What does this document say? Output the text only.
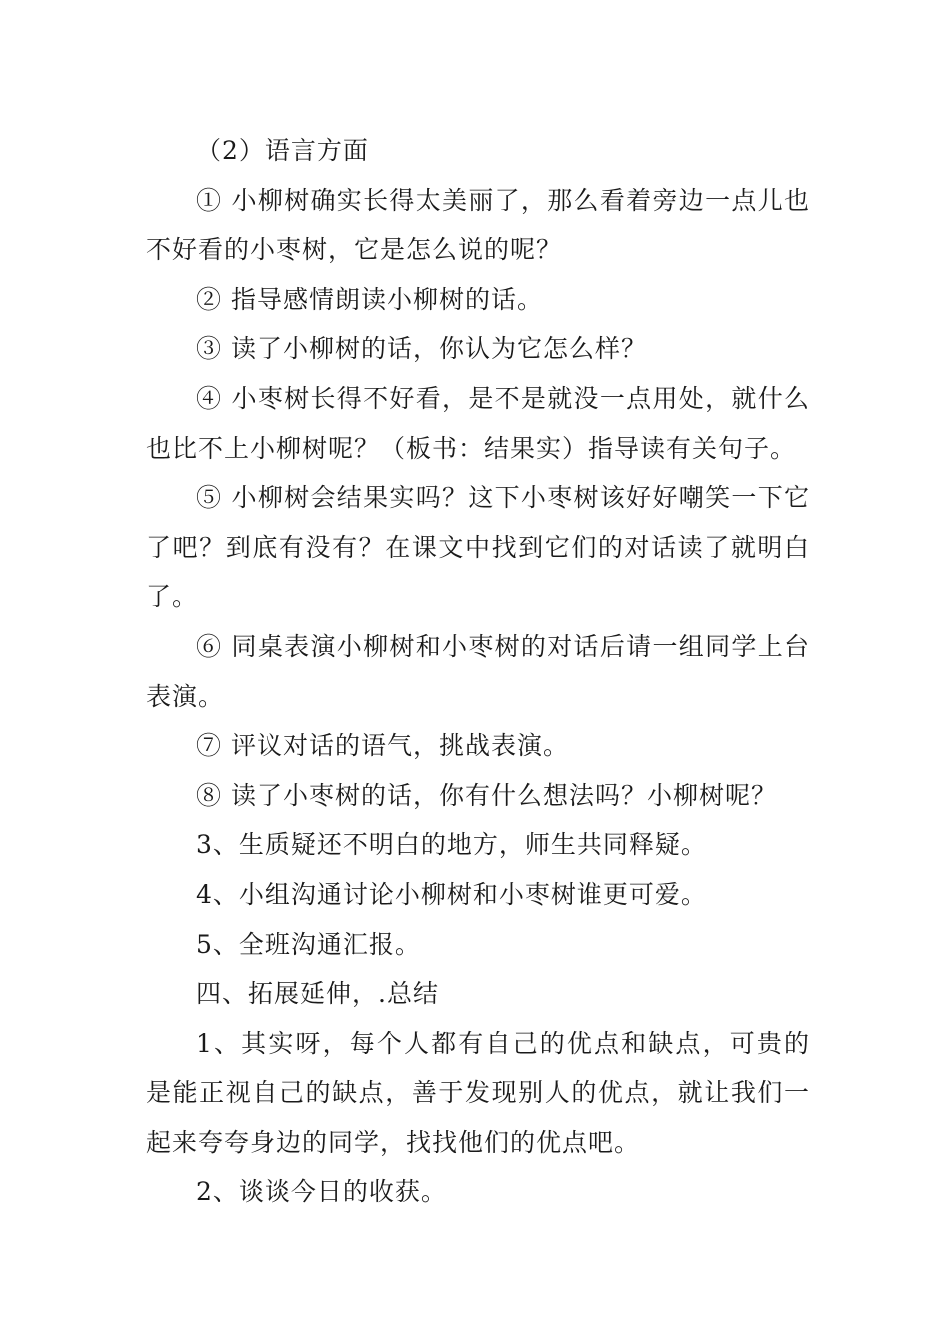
（2）语言方面

① 小柳树确实长得太美丽了，那么看着旁边一点儿也不好看的小枣树，它是怎么说的呢？

② 指导感情朗读小柳树的话。

③ 读了小柳树的话，你认为它怎么样？

④ 小枣树长得不好看，是不是就没一点用处，就什么也比不上小柳树呢？（板书：结果实）指导读有关句子。

⑤ 小柳树会结果实吗？这下小枣树该好好嘲笑一下它了吧？到底有没有？在课文中找到它们的对话读了就明白了。

⑥ 同桌表演小柳树和小枣树的对话后请一组同学上台表演。

⑦ 评议对话的语气，挑战表演。

⑧ 读了小枣树的话，你有什么想法吗？小柳树呢？

3、生质疑还不明白的地方，师生共同释疑。

4、小组沟通讨论小柳树和小枣树谁更可爱。

5、全班沟通汇报。

四、拓展延伸，.总结

1、其实呀，每个人都有自己的优点和缺点，可贵的是能正视自己的缺点，善于发现别人的优点，就让我们一起来夸夸身边的同学，找找他们的优点吧。

2、谈谈今日的收获。
